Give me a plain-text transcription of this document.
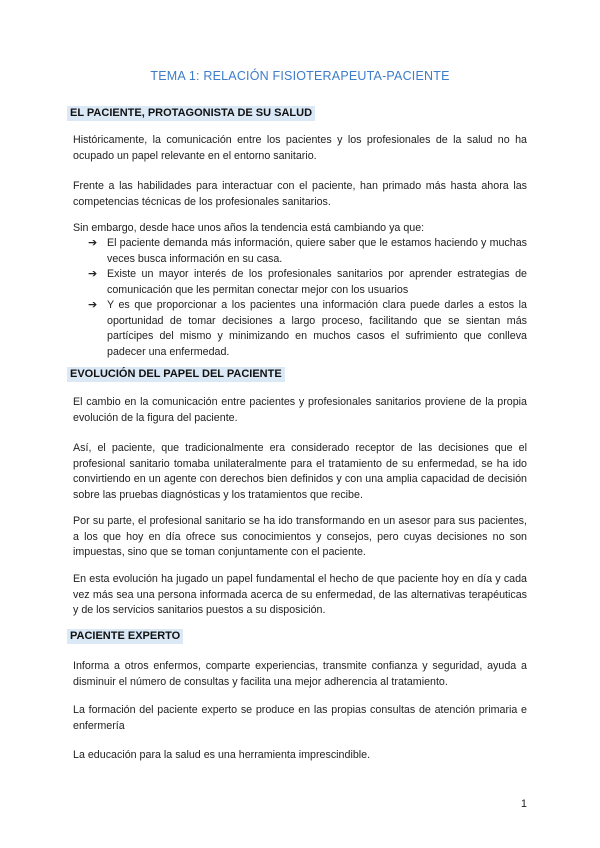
TEMA 1: RELACIÓN FISIOTERAPEUTA-PACIENTE
EL PACIENTE, PROTAGONISTA DE SU SALUD

Históricamente, la comunicación entre los pacientes y los profesionales de la salud no ha ocupado un papel relevante en el entorno sanitario.

Frente a las habilidades para interactuar con el paciente, han primado más hasta ahora las competencias técnicas de los profesionales sanitarios.

Sin embargo, desde hace unos años la tendencia está cambiando ya que:

➔ El paciente demanda más información, quiere saber que le estamos haciendo y muchas veces busca información en su casa.
➔ Existe un mayor interés de los profesionales sanitarios por aprender estrategias de comunicación que les permitan conectar mejor con los usuarios
➔ Y es que proporcionar a los pacientes una información clara puede darles a estos la oportunidad de tomar decisiones a largo proceso, facilitando que se sientan más partícipes del mismo y minimizando en muchos casos el sufrimiento que conlleva padecer una enfermedad.
EVOLUCIÓN DEL PAPEL DEL PACIENTE

El cambio en la comunicación entre pacientes y profesionales sanitarios proviene de la propia evolución de la figura del paciente.

Así, el paciente, que tradicionalmente era considerado receptor de las decisiones que el profesional sanitario tomaba unilateralmente para el tratamiento de su enfermedad, se ha ido convirtiendo en un agente con derechos bien definidos y con una amplia capacidad de decisión sobre las pruebas diagnósticas y los tratamientos que recibe.

Por su parte, el profesional sanitario se ha ido transformando en un asesor para sus pacientes, a los que hoy en día ofrece sus conocimientos y consejos, pero cuyas decisiones no son impuestas, sino que se toman conjuntamente con el paciente.

En esta evolución ha jugado un papel fundamental el hecho de que paciente hoy en día y cada vez más sea una persona informada acerca de su enfermedad, de las alternativas terapéuticas y de los servicios sanitarios puestos a su disposición.

PACIENTE EXPERTO

Informa a otros enfermos, comparte experiencias, transmite confianza y seguridad, ayuda a disminuir el número de consultas y facilita una mejor adherencia al tratamiento.

La formación del paciente experto se produce en las propias consultas de atención primaria e enfermería

La educación para la salud es una herramienta imprescindible.

1
